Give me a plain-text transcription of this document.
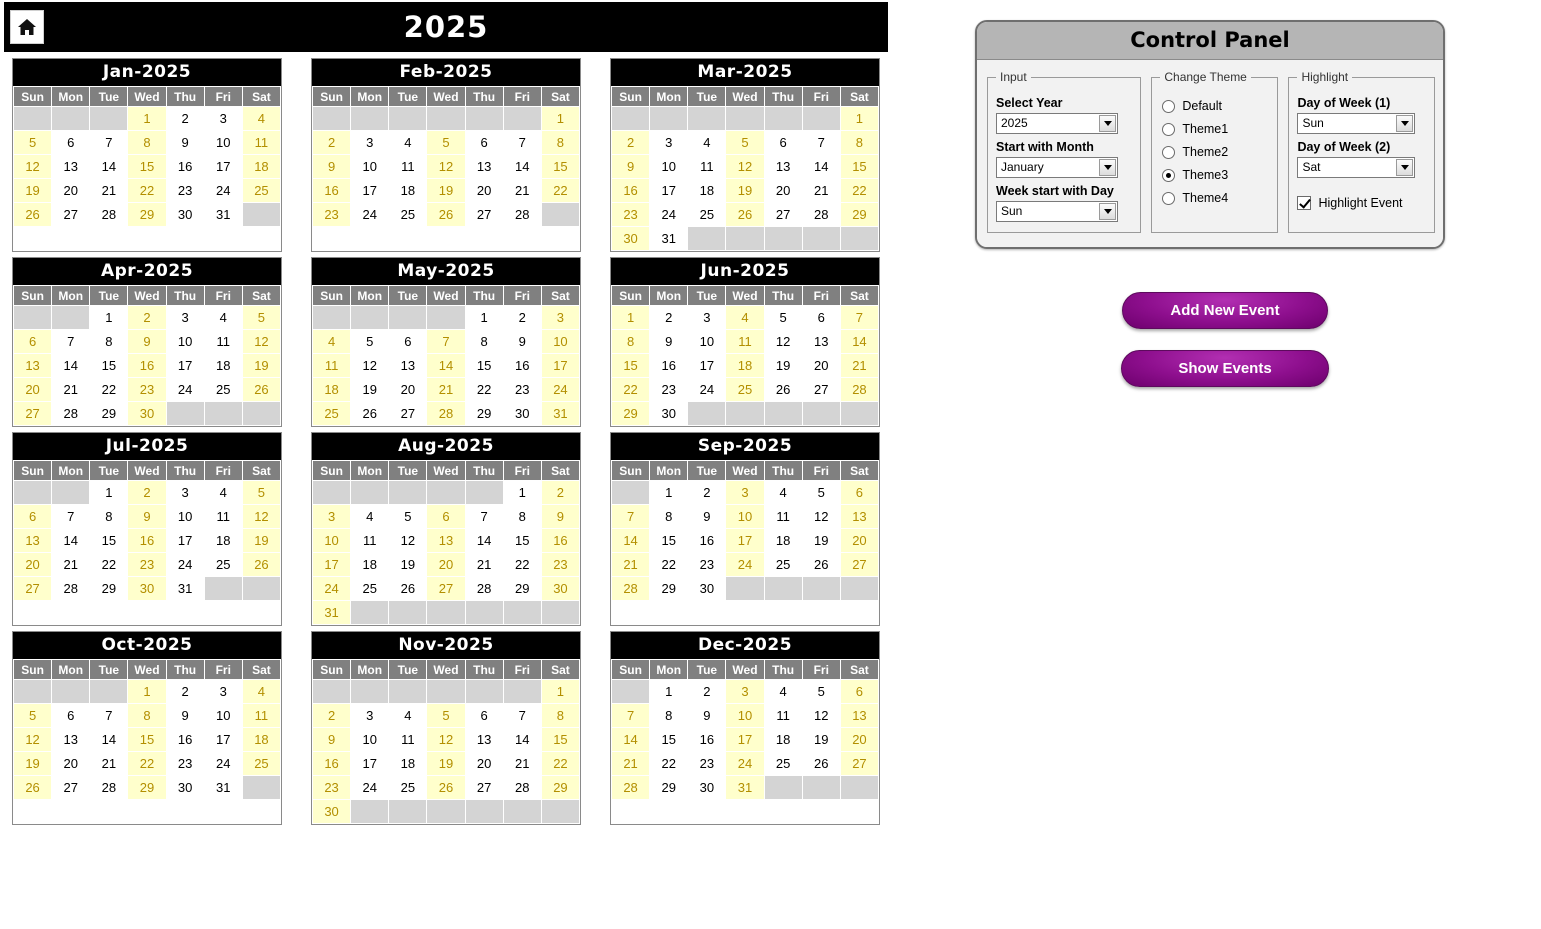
2025
Jan-2025
Sun	Mon	Tue	Wed	Thu	Fri	Sat
			1	2	3	4
5	6	7	8	9	10	11
12	13	14	15	16	17	18
19	20	21	22	23	24	25
26	27	28	29	30	31	
Feb-2025
Sun	Mon	Tue	Wed	Thu	Fri	Sat
						1
2	3	4	5	6	7	8
9	10	11	12	13	14	15
16	17	18	19	20	21	22
23	24	25	26	27	28	
Mar-2025
Sun	Mon	Tue	Wed	Thu	Fri	Sat
						1
2	3	4	5	6	7	8
9	10	11	12	13	14	15
16	17	18	19	20	21	22
23	24	25	26	27	28	29
30	31					
Apr-2025
Sun	Mon	Tue	Wed	Thu	Fri	Sat
		1	2	3	4	5
6	7	8	9	10	11	12
13	14	15	16	17	18	19
20	21	22	23	24	25	26
27	28	29	30			
May-2025
Sun	Mon	Tue	Wed	Thu	Fri	Sat
				1	2	3
4	5	6	7	8	9	10
11	12	13	14	15	16	17
18	19	20	21	22	23	24
25	26	27	28	29	30	31
Jun-2025
Sun	Mon	Tue	Wed	Thu	Fri	Sat
1	2	3	4	5	6	7
8	9	10	11	12	13	14
15	16	17	18	19	20	21
22	23	24	25	26	27	28
29	30					
Jul-2025
Sun	Mon	Tue	Wed	Thu	Fri	Sat
		1	2	3	4	5
6	7	8	9	10	11	12
13	14	15	16	17	18	19
20	21	22	23	24	25	26
27	28	29	30	31		
Aug-2025
Sun	Mon	Tue	Wed	Thu	Fri	Sat
					1	2
3	4	5	6	7	8	9
10	11	12	13	14	15	16
17	18	19	20	21	22	23
24	25	26	27	28	29	30
31						
Sep-2025
Sun	Mon	Tue	Wed	Thu	Fri	Sat
	1	2	3	4	5	6
7	8	9	10	11	12	13
14	15	16	17	18	19	20
21	22	23	24	25	26	27
28	29	30				
Oct-2025
Sun	Mon	Tue	Wed	Thu	Fri	Sat
			1	2	3	4
5	6	7	8	9	10	11
12	13	14	15	16	17	18
19	20	21	22	23	24	25
26	27	28	29	30	31	
Nov-2025
Sun	Mon	Tue	Wed	Thu	Fri	Sat
						1
2	3	4	5	6	7	8
9	10	11	12	13	14	15
16	17	18	19	20	21	22
23	24	25	26	27	28	29
30						
Dec-2025
Sun	Mon	Tue	Wed	Thu	Fri	Sat
	1	2	3	4	5	6
7	8	9	10	11	12	13
14	15	16	17	18	19	20
21	22	23	24	25	26	27
28	29	30	31			
Control Panel
Input
Select Year
2025
Start with Month
January
Week start with Day
Sun
Change Theme
Default
Theme1
Theme2
Theme3
Theme4
Highlight
Day of Week (1)
Sun
Day of Week (2)
Sat
Highlight Event
Add New Event
Show Events
